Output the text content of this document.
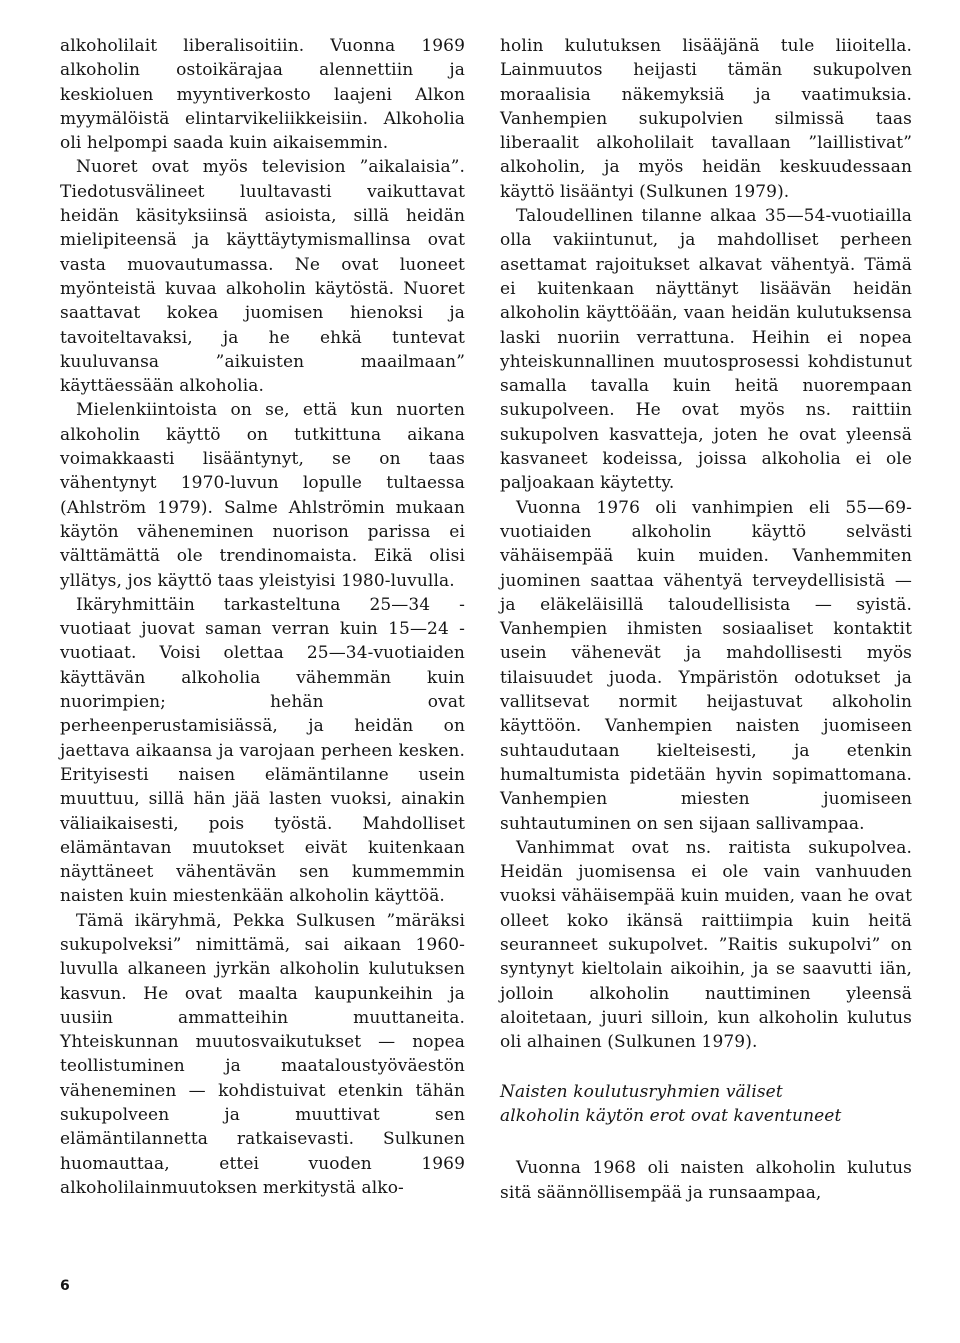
alkoholilait liberalisoitiin. Vuonna 1969 alkoholin ostoikärajaa alennettiin ja keskioluen myyntiverkosto laajeni Alkon myymälöistä elintarvikeliikkeisiin. Alkoholia oli helpompi saada kuin aikaisemmin.

Nuoret ovat myös television ”aikalaisia”. Tiedotusvälineet luultavasti vaikuttavat heidän käsityksiinsä asioista, sillä heidän mielipiteensä ja käyttäytymismallinsa ovat vasta muovautumassa. Ne ovat luoneet myönteistä kuvaa alkoholin käytöstä. Nuoret saattavat kokea juomisen hienoksi ja tavoiteltavaksi, ja he ehkä tuntevat kuuluvansa ”aikuisten maailmaan” käyttäessään alkoholia.

Mielenkiintoista on se, että kun nuorten alkoholin käyttö on tutkittuna aikana voimakkaasti lisääntynyt, se on taas vähentynyt 1970-luvun lopulle tultaessa (Ahlström 1979). Salme Ahlströmin mukaan käytön väheneminen nuorison parissa ei välttämättä ole trendinomaista. Eikä olisi yllätys, jos käyttö taas yleistyisi 1980-luvulla.

Ikäryhmittäin tarkasteltuna 25—34 -vuotiaat juovat saman verran kuin 15—24 -vuotiaat. Voisi olettaa 25—34-vuotiaiden käyttävän alkoholia vähemmän kuin nuorimpien; hehän ovat perheenperustamisiässä, ja heidän on jaettava aikaansa ja varojaan perheen kesken. Erityisesti naisen elämäntilanne usein muuttuu, sillä hän jää lasten vuoksi, ainakin väliaikaisesti, pois työstä. Mahdolliset elämäntavan muutokset eivät kuitenkaan näyttäneet vähentävän sen kummemmin naisten kuin miestenkään alkoholin käyttöä.

Tämä ikäryhmä, Pekka Sulkusen ”märäksi sukupolveksi” nimittämä, sai aikaan 1960-luvulla alkaneen jyrkän alkoholin kulutuksen kasvun. He ovat maalta kaupunkeihin ja uusiin ammatteihin muuttaneita. Yhteiskunnan muutosvaikutukset — nopea teollistuminen ja maataloustyöväestön väheneminen — kohdistuivat etenkin tähän sukupolveen ja muuttivat sen elämäntilannetta ratkaisevasti. Sulkunen huomauttaa, ettei vuoden 1969 alkoholilainmuutoksen merkitystä alko-

holin kulutuksen lisääjänä tule liioitella. Lainmuutos heijasti tämän sukupolven moraalisia näkemyksiä ja vaatimuksia. Vanhempien sukupolvien silmissä taas liberaalit alkoholilait tavallaan ”laillistivat” alkoholin, ja myös heidän keskuudessaan käyttö lisääntyi (Sulkunen 1979).

Taloudellinen tilanne alkaa 35—54-vuotiailla olla vakiintunut, ja mahdolliset perheen asettamat rajoitukset alkavat vähentyä. Tämä ei kuitenkaan näyttänyt lisäävän heidän alkoholin käyttöään, vaan heidän kulutuksensa laski nuoriin verrattuna. Heihin ei nopea yhteiskunnallinen muutosprosessi kohdistunut samalla tavalla kuin heitä nuorempaan sukupolveen. He ovat myös ns. raittiin sukupolven kasvatteja, joten he ovat yleensä kasvaneet kodeissa, joissa alkoholia ei ole paljoakaan käytetty.

Vuonna 1976 oli vanhimpien eli 55—69-vuotiaiden alkoholin käyttö selvästi vähäisempää kuin muiden. Vanhemmiten juominen saattaa vähentyä terveydellisistä — ja eläkeläisillä taloudellisista — syistä. Vanhempien ihmisten sosiaaliset kontaktit usein vähenevät ja mahdollisesti myös tilaisuudet juoda. Ympäristön odotukset ja vallitsevat normit heijastuvat alkoholin käyttöön. Vanhempien naisten juomiseen suhtaudutaan kielteisesti, ja etenkin humaltumista pidetään hyvin sopimattomana. Vanhempien miesten juomiseen suhtautuminen on sen sijaan sallivampaa.

Vanhimmat ovat ns. raitista sukupolvea. Heidän juomisensa ei ole vain vanhuuden vuoksi vähäisempää kuin muiden, vaan he ovat olleet koko ikänsä raittiimpia kuin heitä seuranneet sukupolvet. ”Raitis sukupolvi” on syntynyt kieltolain aikoihin, ja se saavutti iän, jolloin alkoholin nauttiminen yleensä aloitetaan, juuri silloin, kun alkoholin kulutus oli alhainen (Sulkunen 1979).

Naisten koulutusryhmien väliset
alkoholin käytön erot ovat kaventuneet

Vuonna 1968 oli naisten alkoholin kulutus sitä säännöllisempää ja runsaampaa,

6
